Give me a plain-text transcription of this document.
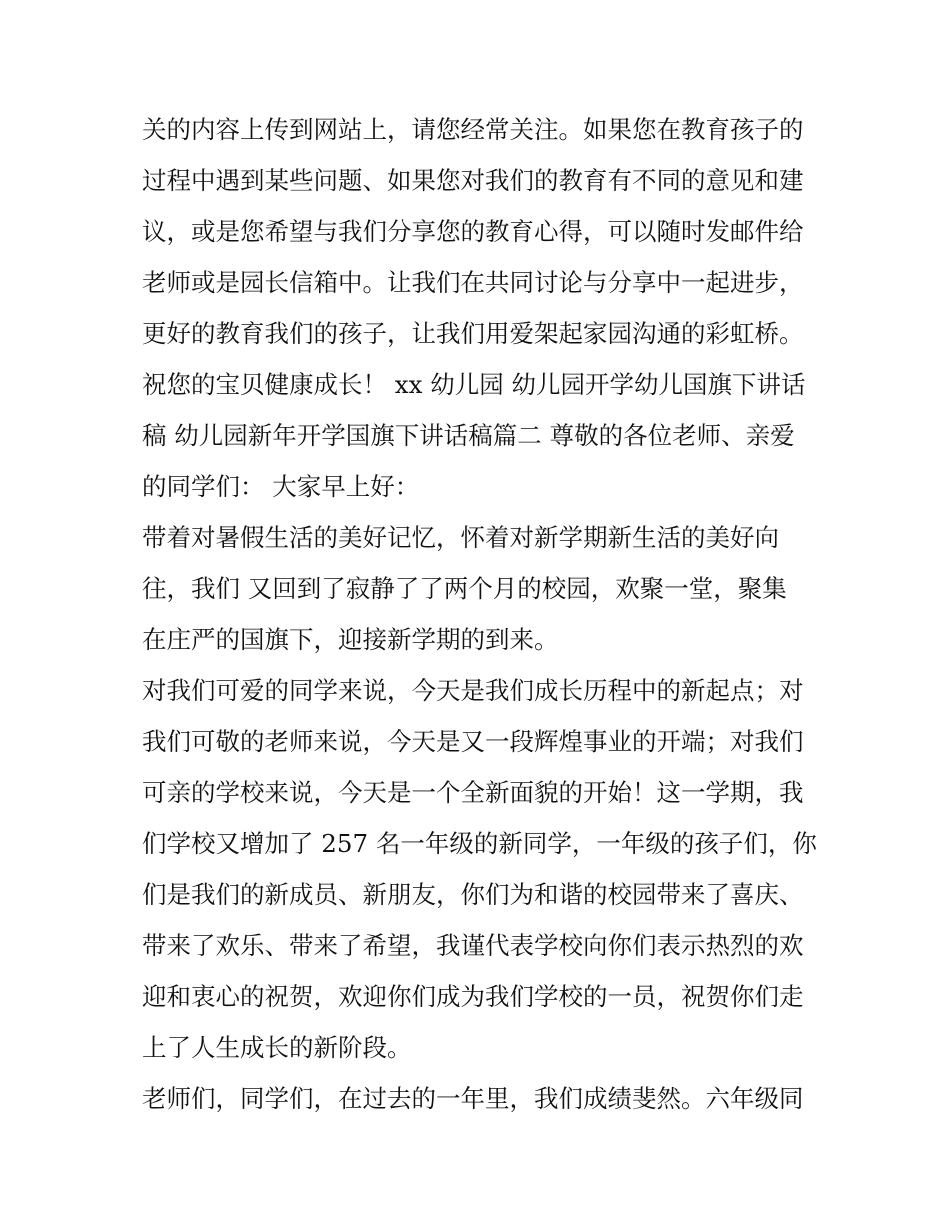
关的内容上传到网站上，请您经常关注。如果您在教育孩子的
过程中遇到某些问题、如果您对我们的教育有不同的意见和建
议，或是您希望与我们分享您的教育心得，可以随时发邮件给
老师或是园长信箱中。让我们在共同讨论与分享中一起进步，
更好的教育我们的孩子，让我们用爱架起家园沟通的彩虹桥。
祝您的宝贝健康成长！ xx 幼儿园 幼儿园开学幼儿国旗下讲话
稿 幼儿园新年开学国旗下讲话稿篇二 尊敬的各位老师、亲爱
的同学们： 大家早上好：
带着对暑假生活的美好记忆，怀着对新学期新生活的美好向
往，我们 又回到了寂静了了两个月的校园，欢聚一堂，聚集
在庄严的国旗下，迎接新学期的到来。
对我们可爱的同学来说，今天是我们成长历程中的新起点；对
我们可敬的老师来说，今天是又一段辉煌事业的开端；对我们
可亲的学校来说，今天是一个全新面貌的开始！这一学期，我
们学校又增加了 257 名一年级的新同学，一年级的孩子们，你
们是我们的新成员、新朋友，你们为和谐的校园带来了喜庆、
带来了欢乐、带来了希望，我谨代表学校向你们表示热烈的欢
迎和衷心的祝贺，欢迎你们成为我们学校的一员，祝贺你们走
上了人生成长的新阶段。
老师们，同学们，在过去的一年里，我们成绩斐然。六年级同
